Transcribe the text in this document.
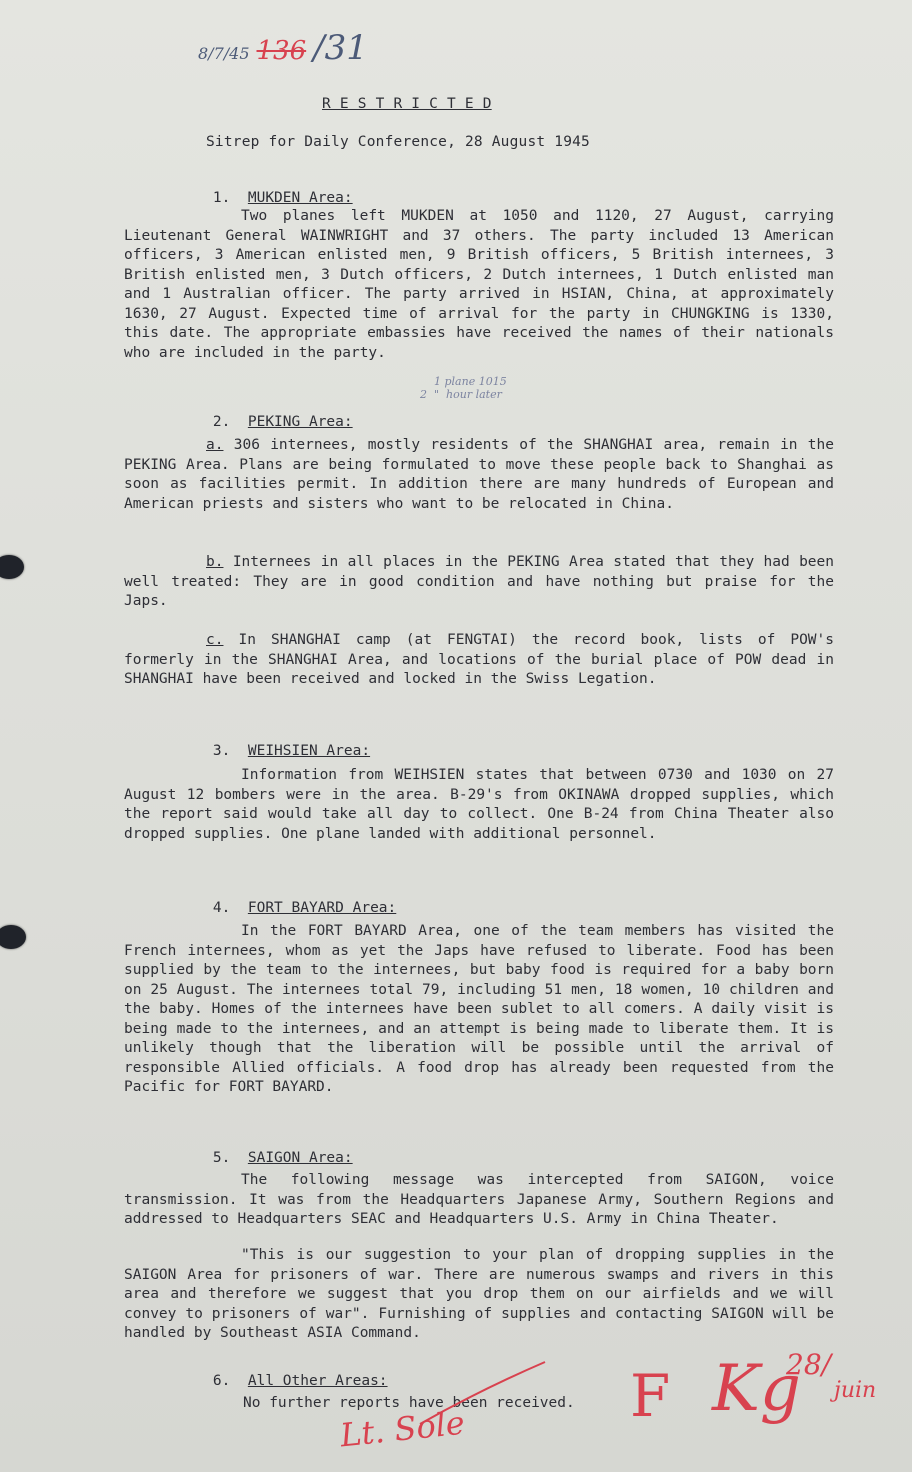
8/7/45 136 /31
R E S T R I C T E D
Sitrep for Daily Conference, 28 August 1945

1. MUKDEN Area:

Two planes left MUKDEN at 1050 and 1120, 27 August, carrying Lieutenant General WAINWRIGHT and 37 others. The party included 13 American officers, 3 American enlisted men, 9 British officers, 5 British internees, 3 British enlisted men, 3 Dutch officers, 2 Dutch internees, 1 Dutch enlisted man and 1 Australian officer. The party arrived in HSIAN, China, at approximately 1630, 27 August. Expected time of arrival for the party in CHUNGKING is 1330, this date. The appropriate embassies have received the names of their nationals who are included in the party.

1 plane 1015
2  "  hour later

2. PEKING Area:

a. 306 internees, mostly residents of the SHANGHAI area, remain in the PEKING Area. Plans are being formulated to move these people back to Shanghai as soon as facilities permit. In addition there are many hundreds of European and American priests and sisters who want to be relocated in China.
b. Internees in all places in the PEKING Area stated that they had been well treated: They are in good condition and have nothing but praise for the Japs.
c. In SHANGHAI camp (at FENGTAI) the record book, lists of POW's formerly in the SHANGHAI Area, and locations of the burial place of POW dead in SHANGHAI have been received and locked in the Swiss Legation.

3. WEIHSIEN Area:

Information from WEIHSIEN states that between 0730 and 1030 on 27 August 12 bombers were in the area. B-29's from OKINAWA dropped supplies, which the report said would take all day to collect. One B-24 from China Theater also dropped supplies. One plane landed with additional personnel.

4. FORT BAYARD Area:

In the FORT BAYARD Area, one of the team members has visited the French internees, whom as yet the Japs have refused to liberate. Food has been supplied by the team to the internees, but baby food is required for a baby born on 25 August. The internees total 79, including 51 men, 18 women, 10 children and the baby. Homes of the internees have been sublet to all comers. A daily visit is being made to the internees, and an attempt is being made to liberate them. It is unlikely though that the liberation will be possible until the arrival of responsible Allied officials. A food drop has already been requested from the Pacific for FORT BAYARD.

5. SAIGON Area:

The following message was intercepted from SAIGON, voice transmission. It was from the Headquarters Japanese Army, Southern Regions and addressed to Headquarters SEAC and Headquarters U.S. Army in China Theater.
"This is our suggestion to your plan of dropping supplies in the SAIGON Area for prisoners of war. There are numerous swamps and rivers in this area and therefore we suggest that you drop them on our airfields and we will convey to prisoners of war". Furnishing of supplies and contacting SAIGON will be handled by Southeast ASIA Command.

6. All Other Areas:

No further reports have been received.
Lt. Sole	F Kg
28/
juin
